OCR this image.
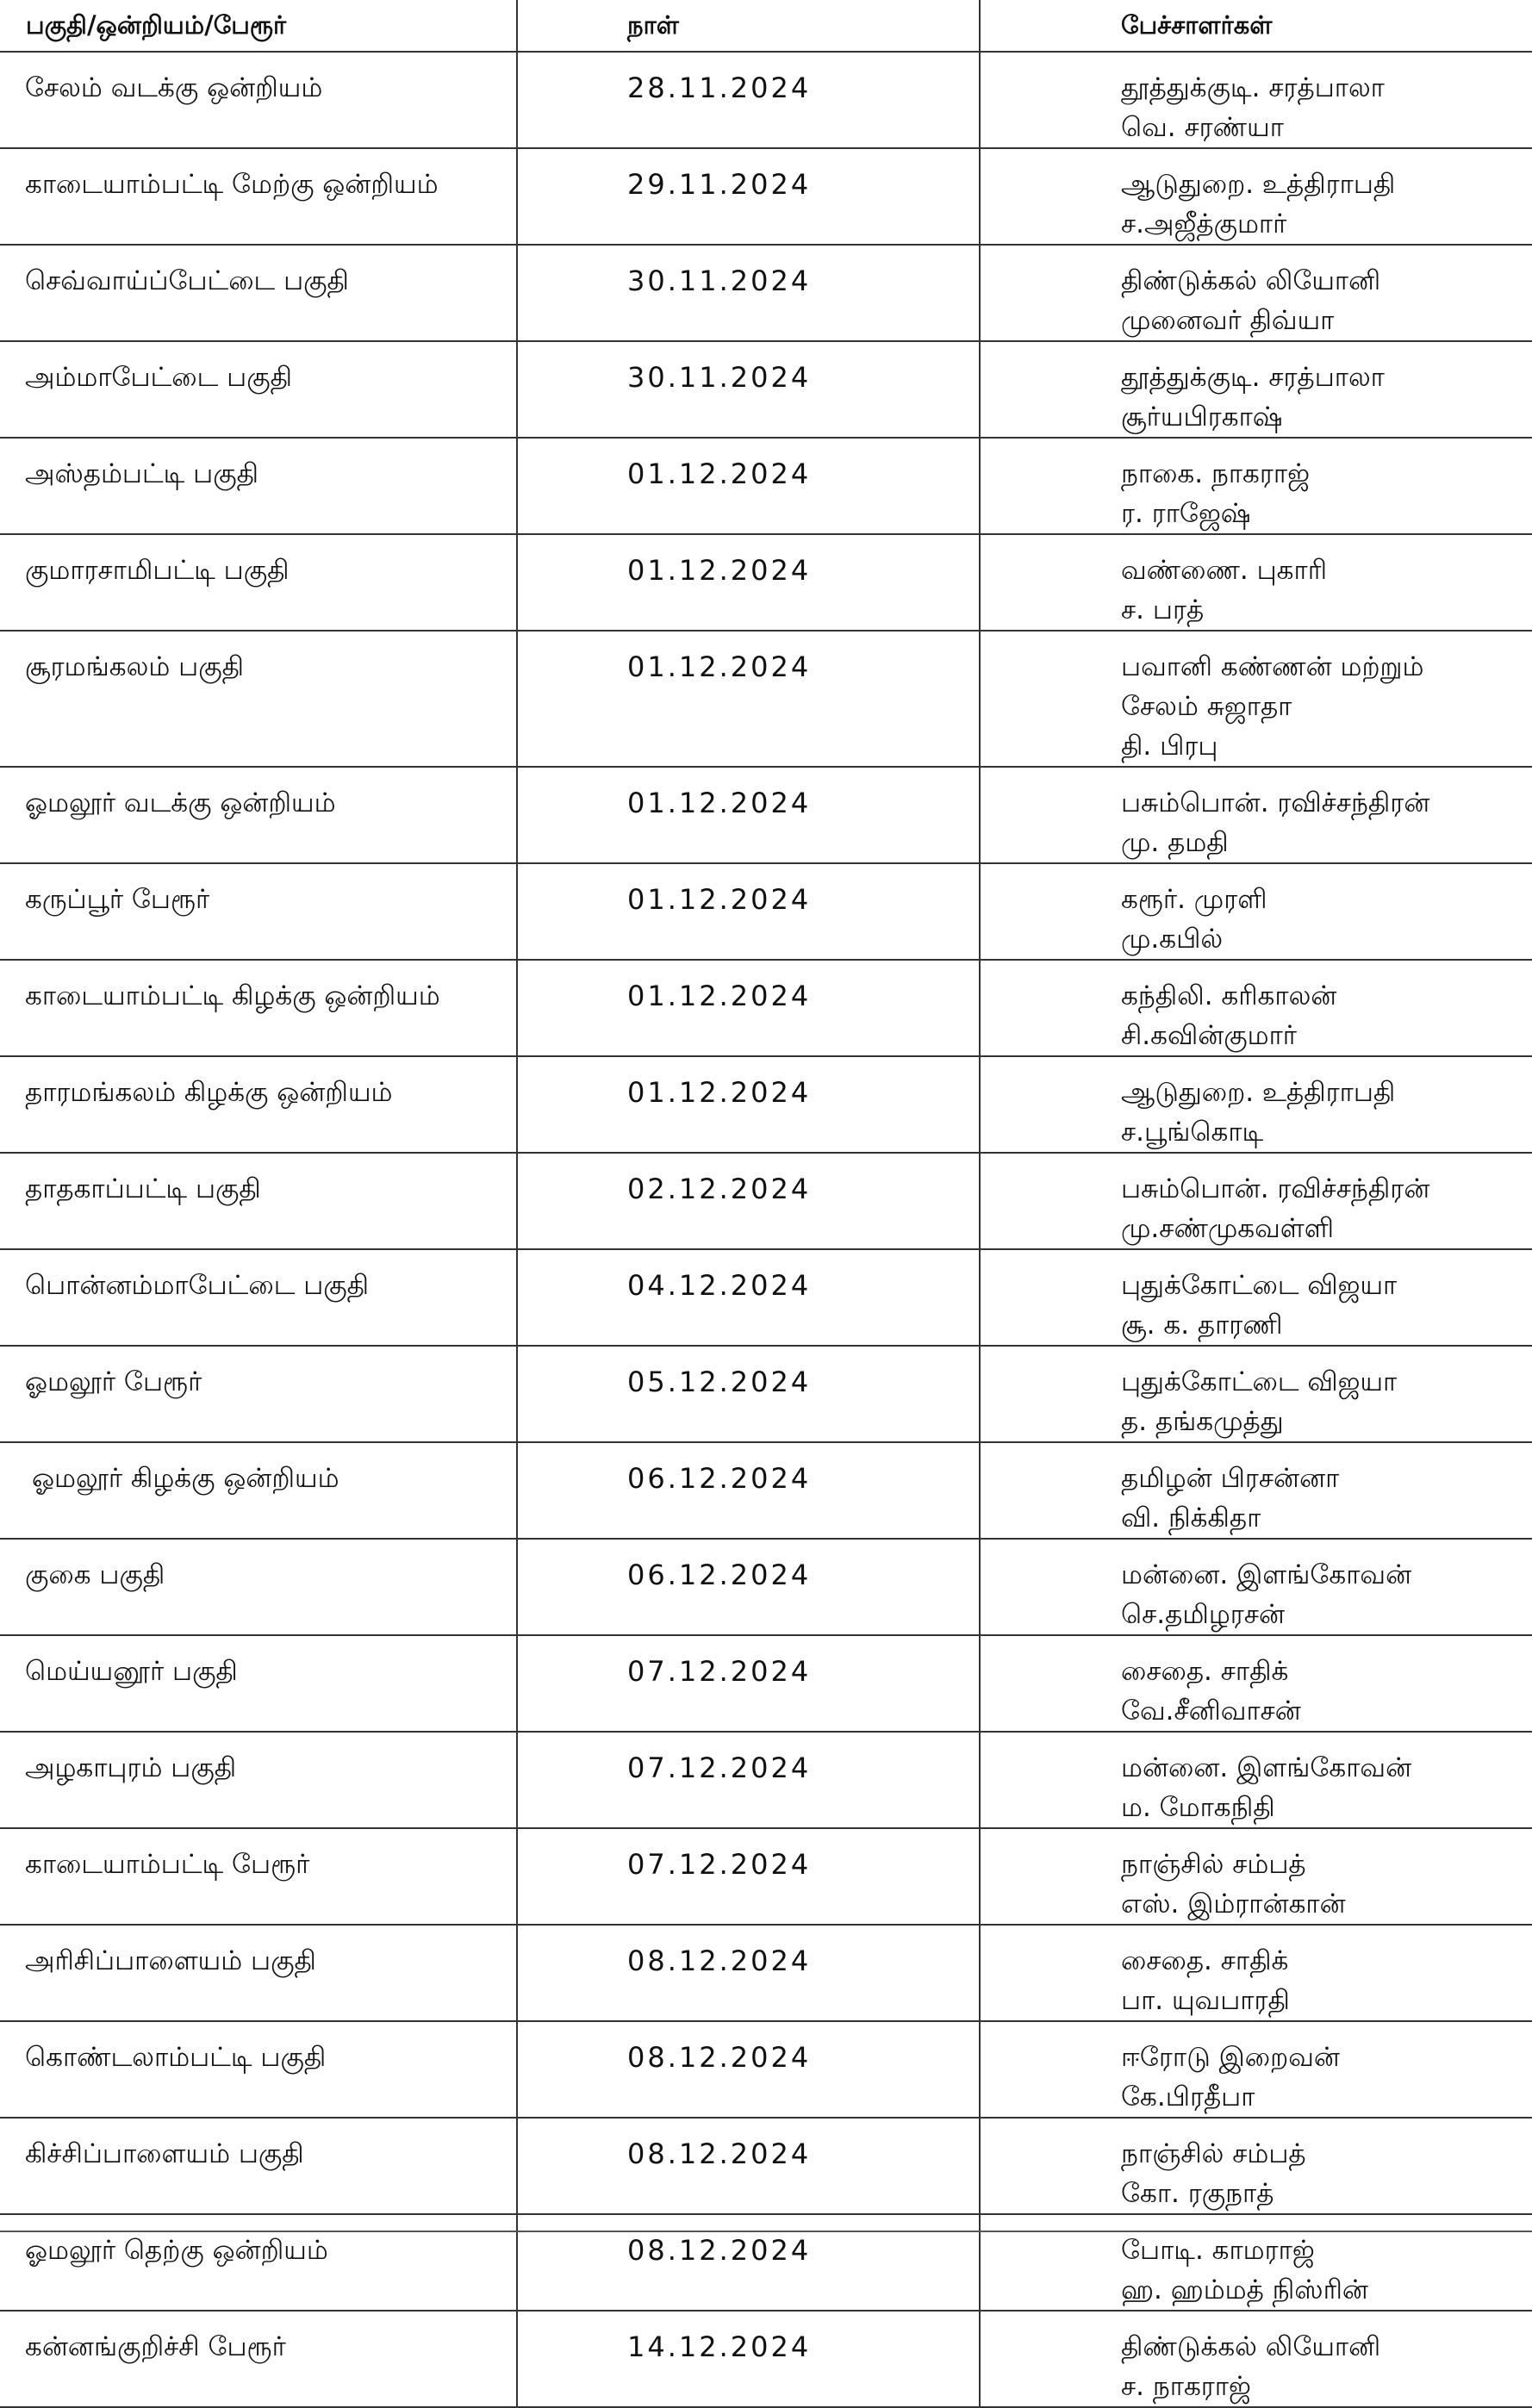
பகுதி/ஒன்றியம்/பேரூர்	நாள்	பேச்சாளர்கள்
சேலம் வடக்கு ஒன்றியம்	28.11.2024	தூத்துக்குடி. சரத்பாலா
வெ. சரண்யா

காடையாம்பட்டி மேற்கு ஒன்றியம்	29.11.2024	ஆடுதுறை. உத்திராபதி
ச.அஜீத்குமார்

செவ்வாய்ப்பேட்டை பகுதி	30.11.2024	திண்டுக்கல் லியோனி
முனைவர் திவ்யா

அம்மாபேட்டை பகுதி	30.11.2024	தூத்துக்குடி. சரத்பாலா
சூர்யபிரகாஷ்

அஸ்தம்பட்டி பகுதி	01.12.2024	நாகை. நாகராஜ்
ர. ராஜேஷ்

குமாரசாமிபட்டி பகுதி	01.12.2024	வண்ணை. புகாரி
ச. பரத்

சூரமங்கலம் பகுதி	01.12.2024	பவானி கண்ணன் மற்றும்
சேலம் சுஜாதா
தி. பிரபு

ஓமலூர் வடக்கு ஒன்றியம்	01.12.2024	பசும்பொன். ரவிச்சந்திரன்
மு. தமதி

கருப்பூர் பேரூர்	01.12.2024	கரூர். முரளி
மு.கபில்

காடையாம்பட்டி கிழக்கு ஒன்றியம்	01.12.2024	கந்திலி. கரிகாலன்
சி.கவின்குமார்

தாரமங்கலம் கிழக்கு ஒன்றியம்	01.12.2024	ஆடுதுறை. உத்திராபதி
ச.பூங்கொடி

தாதகாப்பட்டி பகுதி	02.12.2024	பசும்பொன். ரவிச்சந்திரன்
மு.சண்முகவள்ளி

பொன்னம்மாபேட்டை பகுதி	04.12.2024	புதுக்கோட்டை விஜயா
சூ. க. தாரணி

ஓமலூர் பேரூர்	05.12.2024	புதுக்கோட்டை விஜயா
த. தங்கமுத்து

ஓமலூர் கிழக்கு ஒன்றியம்	06.12.2024	தமிழன் பிரசன்னா
வி. நிக்கிதா

குகை பகுதி	06.12.2024	மன்னை. இளங்கோவன்
செ.தமிழரசன்

மெய்யனூர் பகுதி	07.12.2024	சைதை. சாதிக்
வே.சீனிவாசன்

அழகாபுரம் பகுதி	07.12.2024	மன்னை. இளங்கோவன்
ம. மோகநிதி

காடையாம்பட்டி பேரூர்	07.12.2024	நாஞ்சில் சம்பத்
எஸ். இம்ரான்கான்

அரிசிப்பாளையம் பகுதி	08.12.2024	சைதை. சாதிக்
பா. யுவபாரதி

கொண்டலாம்பட்டி பகுதி	08.12.2024	ஈரோடு இறைவன்
கே.பிரதீபா

கிச்சிப்பாளையம் பகுதி	08.12.2024	நாஞ்சில் சம்பத்
கோ. ரகுநாத்

ஓமலூர் தெற்கு ஒன்றியம்	08.12.2024	போடி. காமராஜ்
ஹ. ஹம்மத் நிஸ்ரின்

கன்னங்குறிச்சி பேரூர்	14.12.2024	திண்டுக்கல் லியோனி
ச. நாகராஜ்
